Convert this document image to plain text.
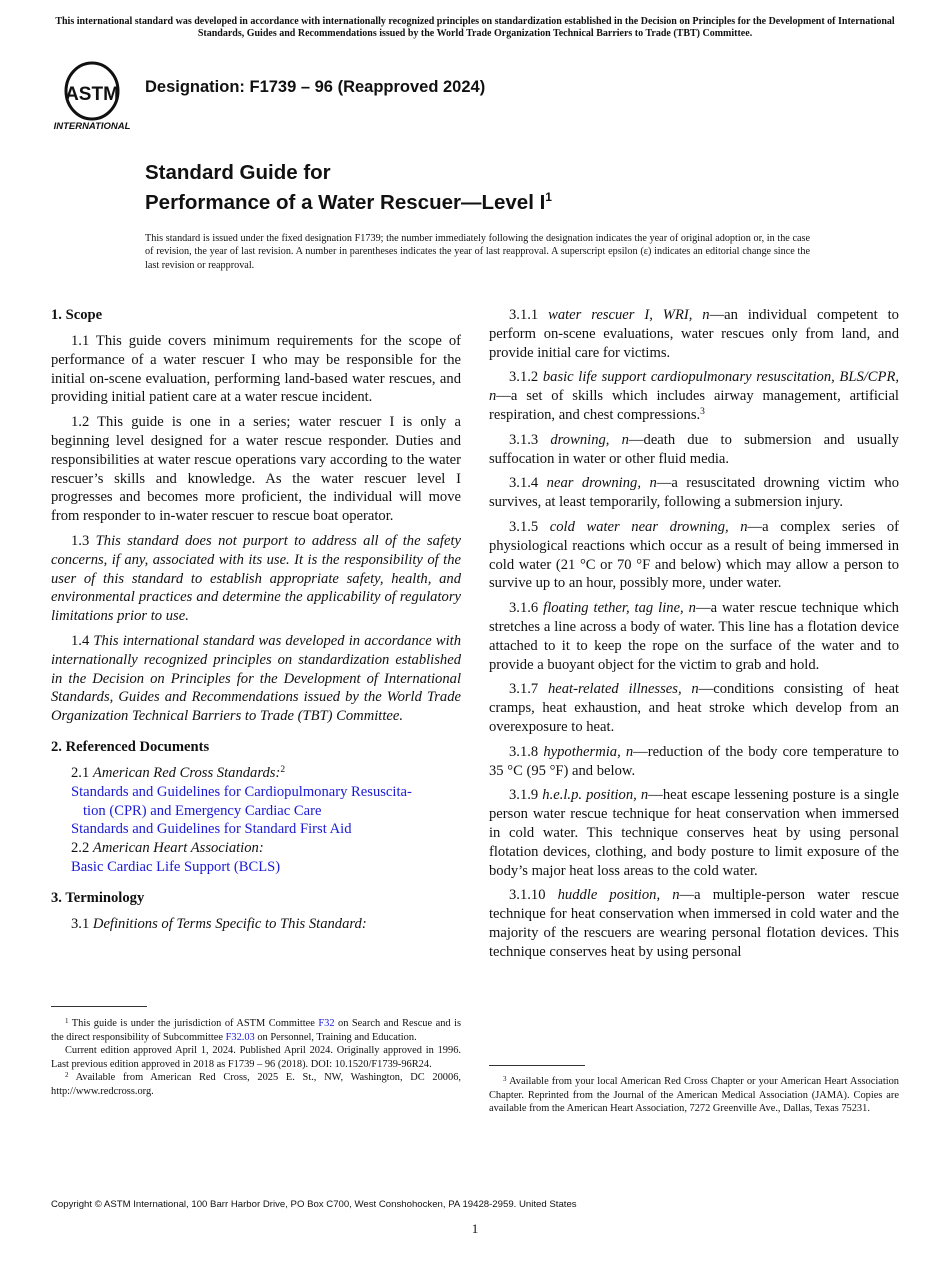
This international standard was developed in accordance with internationally recognized principles on standardization established in the Decision on Principles for the Development of International Standards, Guides and Recommendations issued by the World Trade Organization Technical Barriers to Trade (TBT) Committee.
ASTM
INTERNATIONAL
Designation: F1739 – 96 (Reapproved 2024)
Standard Guide for
Performance of a Water Rescuer—Level $I^1$
This standard is issued under the fixed designation F1739; the number immediately following the designation indicates the year of original adoption or, in the case of revision, the year of last revision. A number in parentheses indicates the year of last reapproval. A superscript epsilon (ε) indicates an editorial change since the last revision or reapproval.
1. Scope

1.1 This guide covers minimum requirements for the scope of performance of a water rescuer I who may be responsible for the initial on-scene evaluation, performing land-based water rescues, and providing initial patient care at a water rescue incident.

1.2 This guide is one in a series; water rescuer I is only a beginning level designed for a water rescue responder. Duties and responsibilities at water rescue operations vary according to the water rescuer’s skills and knowledge. As the water rescuer level I progresses and becomes more proficient, the individual will move from responder to in-water rescuer to rescue boat operator.

1.3 This standard does not purport to address all of the safety concerns, if any, associated with its use. It is the responsibility of the user of this standard to establish appropriate safety, health, and environmental practices and determine the applicability of regulatory limitations prior to use.

1.4 This international standard was developed in accordance with internationally recognized principles on standardization established in the Decision on Principles for the Development of International Standards, Guides and Recommendations issued by the World Trade Organization Technical Barriers to Trade (TBT) Committee.

2. Referenced Documents
2.1 American Red Cross Standards:$^2$
Standards and Guidelines for Cardiopulmonary Resuscita-
tion (CPR) and Emergency Cardiac Care
Standards and Guidelines for Standard First Aid
2.2 American Heart Association:
Basic Cardiac Life Support (BCLS)
3. Terminology

3.1 Definitions of Terms Specific to This Standard:

$^1$ This guide is under the jurisdiction of ASTM Committee F32 on Search and Rescue and is the direct responsibility of Subcommittee F32.03 on Personnel, Training and Education.

Current edition approved April 1, 2024. Published April 2024. Originally approved in 1996. Last previous edition approved in 2018 as F1739 – 96 (2018). DOI: 10.1520/F1739-96R24.

$^2$ Available from American Red Cross, 2025 E. St., NW, Washington, DC 20006, http://www.redcross.org.

3.1.1 water rescuer I, WRI, n—an individual competent to perform on-scene evaluations, water rescues only from land, and provide initial care for victims.

3.1.2 basic life support cardiopulmonary resuscitation, BLS/CPR, n—a set of skills which includes airway management, artificial respiration, and chest compressions.$^3$

3.1.3 drowning, n—death due to submersion and usually suffocation in water or other fluid media.

3.1.4 near drowning, n—a resuscitated drowning victim who survives, at least temporarily, following a submersion injury.

3.1.5 cold water near drowning, n—a complex series of physiological reactions which occur as a result of being immersed in cold water (21 °C or 70 °F and below) which may allow a person to survive up to an hour, possibly more, under water.

3.1.6 floating tether, tag line, n—a water rescue technique which stretches a line across a body of water. This line has a flotation device attached to it to keep the rope on the surface of the water and to provide a buoyant object for the victim to grab and hold.

3.1.7 heat-related illnesses, n—conditions consisting of heat cramps, heat exhaustion, and heat stroke which develop from an overexposure to heat.

3.1.8 hypothermia, n—reduction of the body core temperature to 35 °C (95 °F) and below.

3.1.9 h.e.l.p. position, n—heat escape lessening posture is a single person water rescue technique for heat conservation when immersed in cold water. This technique conserves heat by using personal flotation devices, clothing, and body posture to limit exposure of the body’s major heat loss areas to the cold water.

3.1.10 huddle position, n—a multiple-person water rescue technique for heat conservation when immersed in cold water and the majority of the rescuers are wearing personal flotation devices. This technique conserves heat by using personal

$^3$ Available from your local American Red Cross Chapter or your American Heart Association Chapter. Reprinted from the Journal of the American Medical Association (JAMA). Copies are available from the American Heart Association, 7272 Greenville Ave., Dallas, Texas 75231.

Copyright © ASTM International, 100 Barr Harbor Drive, PO Box C700, West Conshohocken, PA 19428-2959. United States
1
